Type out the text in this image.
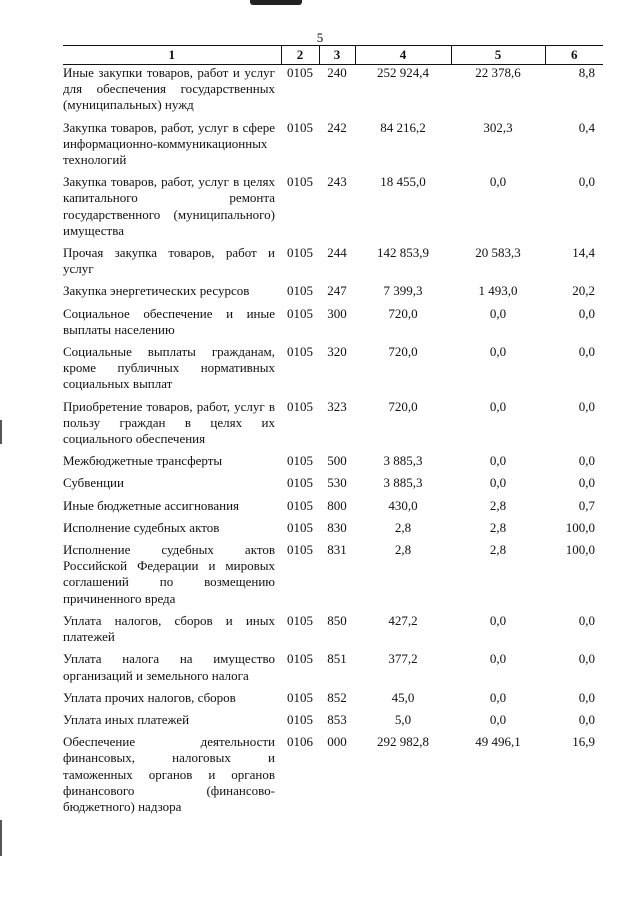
5
1	2	3	4	5	6
Иные закупки товаров, работ и услуг для обеспечения государственных (муниципальных) нужд	0105	240	252 924,4	22 378,6	8,8
Закупка товаров, работ, услуг в сфере информационно-коммуникационных технологий	0105	242	84 216,2	302,3	0,4
Закупка товаров, работ, услуг в целях капитального ремонта государственного (муниципального) имущества	0105	243	18 455,0	0,0	0,0
Прочая закупка товаров, работ и услуг	0105	244	142 853,9	20 583,3	14,4
Закупка энергетических ресурсов	0105	247	7 399,3	1 493,0	20,2
Социальное обеспечение и иные выплаты населению	0105	300	720,0	0,0	0,0
Социальные выплаты гражданам, кроме публичных нормативных социальных выплат	0105	320	720,0	0,0	0,0
Приобретение товаров, работ, услуг в пользу граждан в целях их социального обеспечения	0105	323	720,0	0,0	0,0
Межбюджетные трансферты	0105	500	3 885,3	0,0	0,0
Субвенции	0105	530	3 885,3	0,0	0,0
Иные бюджетные ассигнования	0105	800	430,0	2,8	0,7
Исполнение судебных актов	0105	830	2,8	2,8	100,0
Исполнение судебных актов Российской Федерации и мировых соглашений по возмещению причиненного вреда	0105	831	2,8	2,8	100,0
Уплата налогов, сборов и иных платежей	0105	850	427,2	0,0	0,0
Уплата налога на имущество организаций и земельного налога	0105	851	377,2	0,0	0,0
Уплата прочих налогов, сборов	0105	852	45,0	0,0	0,0
Уплата иных платежей	0105	853	5,0	0,0	0,0
Обеспечение деятельности финансовых, налоговых и таможенных органов и органов финансового (финансово-бюджетного) надзора	0106	000	292 982,8	49 496,1	16,9
